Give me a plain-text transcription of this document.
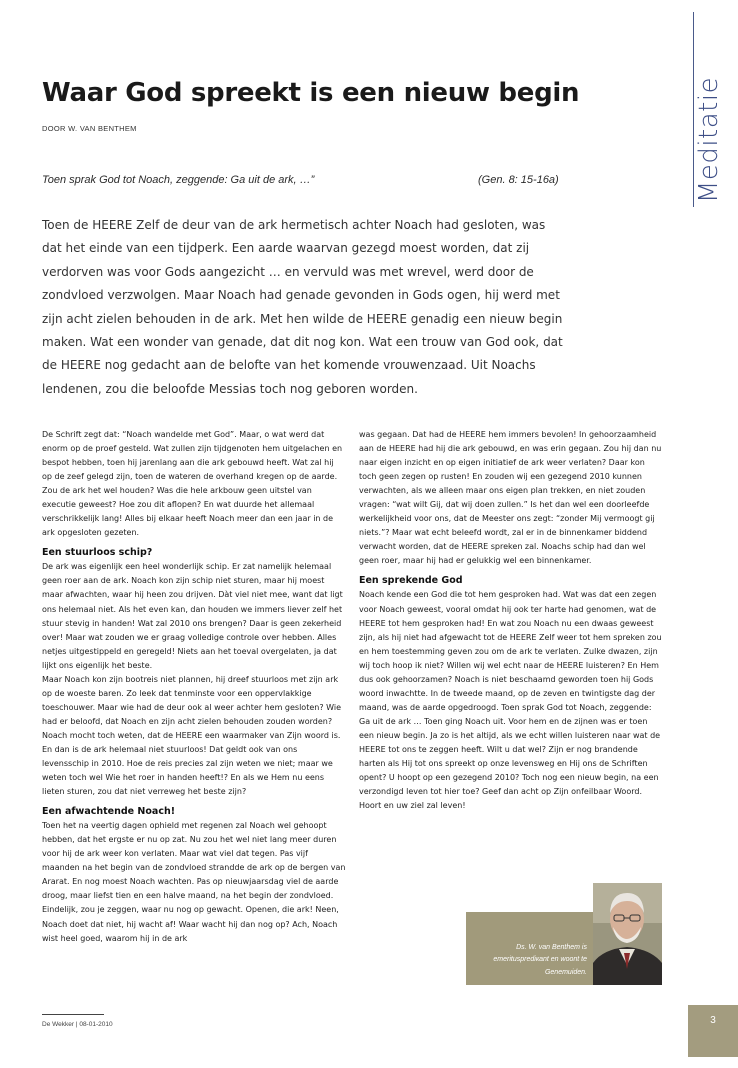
Meditatie
Waar God spreekt is een nieuw begin
DOOR W. VAN BENTHEM
Toen sprak God tot Noach, zeggende: Ga uit de ark, …”	(Gen. 8: 15-16a)
Toen de HEERE Zelf de deur van de ark hermetisch achter Noach had gesloten, was dat het einde van een tijdperk. Een aarde waarvan gezegd moest worden, dat zij verdorven was voor Gods aangezicht … en vervuld was met wrevel, werd door de zondvloed verzwolgen. Maar Noach had genade gevonden in Gods ogen, hij werd met zijn acht zielen behouden in de ark. Met hen wilde de HEERE genadig een nieuw begin maken. Wat een wonder van genade, dat dit nog kon. Wat een trouw van God ook, dat de HEERE nog gedacht aan de belofte van het komende vrouwenzaad. Uit Noachs lendenen, zou die beloofde Messias toch nog geboren worden.

De Schrift zegt dat: “Noach wandelde met God”. Maar, o wat werd dat enorm op de proef gesteld. Wat zullen zijn tijdgenoten hem uitgelachen en bespot hebben, toen hij jarenlang aan die ark gebouwd heeft. Wat zal hij op de zeef gelegd zijn, toen de wateren de overhand kregen op de aarde. Zou de ark het wel houden? Was die hele arkbouw geen uitstel van executie geweest? Hoe zou dit aflopen? En wat duurde het allemaal verschrikkelijk lang! Alles bij elkaar heeft Noach meer dan een jaar in de ark opgesloten gezeten.

Een stuurloos schip?

De ark was eigenlijk een heel wonderlijk schip. Er zat namelijk helemaal geen roer aan de ark. Noach kon zijn schip niet sturen, maar hij moest maar afwachten, waar hij heen zou drijven. Dàt viel niet mee, want dat ligt ons helemaal niet. Als het even kan, dan houden we immers liever zelf het stuur stevig in handen! Wat zal 2010 ons brengen? Daar is geen zekerheid over! Maar wat zouden we er graag volledige controle over hebben. Alles netjes uitgestippeld en geregeld! Niets aan het toeval overgelaten, ja dat lijkt ons eigenlijk het beste.

Maar Noach kon zijn bootreis niet plannen, hij dreef stuurloos met zijn ark op de woeste baren. Zo leek dat tenminste voor een oppervlakkige toeschouwer. Maar wie had de deur ook al weer achter hem gesloten? Wie had er beloofd, dat Noach en zijn acht zielen behouden zouden worden? Noach mocht toch weten, dat de HEERE een waarmaker van Zijn woord is. En dan is de ark helemaal niet stuurloos! Dat geldt ook van ons levensschip in 2010. Hoe de reis precies zal zijn weten we niet; maar we weten toch wel Wie het roer in handen heeft!? En als we Hem nu eens lieten sturen, zou dat niet verreweg het beste zijn?

Een afwachtende Noach!

Toen het na veertig dagen ophield met regenen zal Noach wel gehoopt hebben, dat het ergste er nu op zat. Nu zou het wel niet lang meer duren voor hij de ark weer kon verlaten. Maar wat viel dat tegen. Pas vijf maanden na het begin van de zondvloed strandde de ark op de bergen van Ararat. En nog moest Noach wachten. Pas op nieuwjaarsdag viel de aarde droog, maar liefst tien en een halve maand, na het begin der zondvloed. Eindelijk, zou je zeggen, waar nu nog op gewacht. Openen, die ark! Neen, Noach doet dat niet, hij wacht af! Waar wacht hij dan nog op? Ach, Noach wist heel goed, waarom hij in de ark

was gegaan. Dat had de HEERE hem immers bevolen! In gehoorzaamheid aan de HEERE had hij die ark gebouwd, en was erin gegaan. Zou hij dan nu naar eigen inzicht en op eigen initiatief de ark weer verlaten? Daar kon toch geen zegen op rusten! En zouden wij een gezegend 2010 kunnen verwachten, als we alleen maar ons eigen plan trekken, en niet zouden vragen: “wat wilt Gij, dat wij doen zullen.” Is het dan wel een doorleefde werkelijkheid voor ons, dat de Meester ons zegt: “zonder Mij vermoogt gij niets.”? Maar wat echt beleefd wordt, zal er in de binnenkamer biddend verwacht worden, dat de HEERE spreken zal. Noachs schip had dan wel geen roer, maar hij had er gelukkig wel een binnenkamer.

Een sprekende God

Noach kende een God die tot hem gesproken had. Wat was dat een zegen voor Noach geweest, vooral omdat hij ook ter harte had genomen, wat de HEERE tot hem gesproken had! En wat zou Noach nu een dwaas geweest zijn, als hij niet had afgewacht tot de HEERE Zelf weer tot hem spreken zou en hem toestemming geven zou om de ark te verlaten. Zulke dwazen, zijn wij toch hoop ik niet? Willen wij wel echt naar de HEERE luisteren? En Hem dus ook gehoorzamen? Noach is niet beschaamd geworden toen hij Gods woord inwachtte. In de tweede maand, op de zeven en twintigste dag der maand, was de aarde opgedroogd. Toen sprak God tot Noach, zeggende: Ga uit de ark … Toen ging Noach uit. Voor hem en de zijnen was er toen een nieuw begin. Ja zo is het altijd, als we echt willen luisteren naar wat de HEERE tot ons te zeggen heeft. Wilt u dat wel? Zijn er nog brandende harten als Hij tot ons spreekt op onze levensweg en Hij ons de Schriften opent? U hoopt op een gezegend 2010? Toch nog een nieuw begin, na een verzondigd leven tot hier toe? Geef dan acht op Zijn onfeilbaar Woord. Hoort en uw ziel zal leven!

Ds. W. van Benthem is emeritusprediкant en woont te Genemuiden.
De Wekker | 08-01-2010	3
